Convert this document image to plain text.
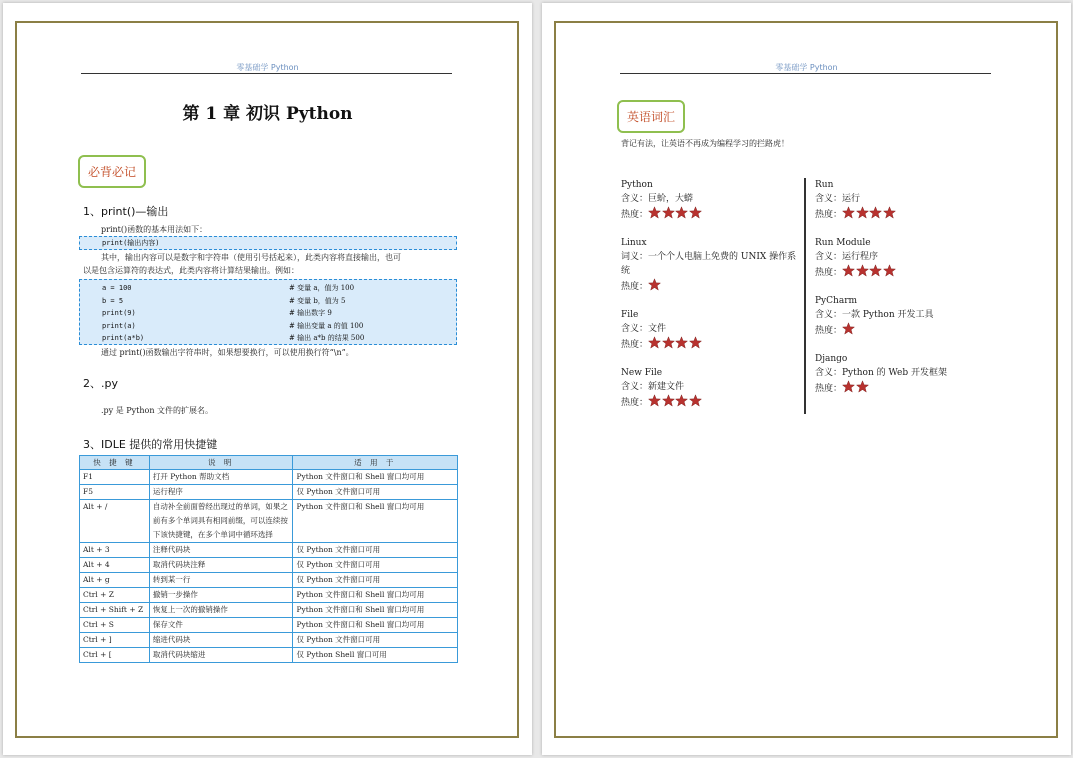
零基础学 Python
第 1 章 初识 Python
必背必记
1、print()—输出
print()函数的基本用法如下：
print(输出内容)
其中，输出内容可以是数字和字符串（使用引号括起来），此类内容将直接输出，也可
以是包含运算符的表达式，此类内容将计算结果输出。例如：
a = 100	# 变量 a，值为 100
b = 5	# 变量 b，值为 5
print(9)	# 输出数字 9
print(a)	# 输出变量 a 的值 100
print(a*b)	# 输出 a*b 的结果 500
通过 print()函数输出字符串时，如果想要换行，可以使用换行符“\n”。
2、.py
.py 是 Python 文件的扩展名。
3、IDLE 提供的常用快捷键
快 捷 键	说 明	适 用 于
F1	打开 Python 帮助文档	Python 文件窗口和 Shell 窗口均可用
F5	运行程序	仅 Python 文件窗口可用
Alt + /	自动补全前面曾经出现过的单词，如果之前有多个单词具有相同前缀，可以连续按下该快捷键，在多个单词中循环选择	Python 文件窗口和 Shell 窗口均可用
Alt + 3	注释代码块	仅 Python 文件窗口可用
Alt + 4	取消代码块注释	仅 Python 文件窗口可用
Alt + g	转到某一行	仅 Python 文件窗口可用
Ctrl + Z	撤销一步操作	Python 文件窗口和 Shell 窗口均可用
Ctrl + Shift + Z	恢复上一次的撤销操作	Python 文件窗口和 Shell 窗口均可用
Ctrl + S	保存文件	Python 文件窗口和 Shell 窗口均可用
Ctrl + ]	缩进代码块	仅 Python 文件窗口可用
Ctrl + [	取消代码块缩进	仅 Python Shell 窗口可用
零基础学 Python
英语词汇
背记有法，让英语不再成为编程学习的拦路虎！
Python
含义：巨蚧，大蟒
热度：
Linux
词义：一个个人电脑上免费的 UNIX 操作系统
热度：
File
含义：文件
热度：
New File
含义：新建文件
热度：
Run
含义：运行
热度：
Run Module
含义：运行程序
热度：
PyCharm
含义：一款 Python 开发工具
热度：
Django
含义：Python 的 Web 开发框架
热度：
